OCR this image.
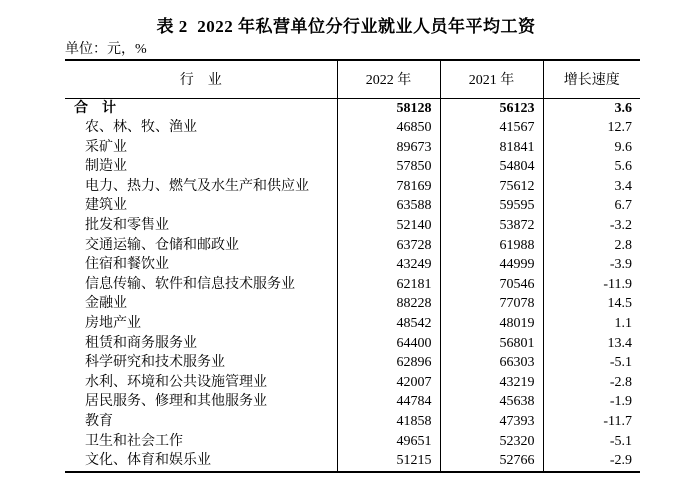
表 2  2022 年私营单位分行业就业人员年平均工资
单位：元，%
行　业	2022 年	2021 年	增长速度
合　计	58128	56123	3.6
农、林、牧、渔业	46850	41567	12.7
采矿业	89673	81841	9.6
制造业	57850	54804	5.6
电力、热力、燃气及水生产和供应业	78169	75612	3.4
建筑业	63588	59595	6.7
批发和零售业	52140	53872	-3.2
交通运输、仓储和邮政业	63728	61988	2.8
住宿和餐饮业	43249	44999	-3.9
信息传输、软件和信息技术服务业	62181	70546	-11.9
金融业	88228	77078	14.5
房地产业	48542	48019	1.1
租赁和商务服务业	64400	56801	13.4
科学研究和技术服务业	62896	66303	-5.1
水利、环境和公共设施管理业	42007	43219	-2.8
居民服务、修理和其他服务业	44784	45638	-1.9
教育	41858	47393	-11.7
卫生和社会工作	49651	52320	-5.1
文化、体育和娱乐业	51215	52766	-2.9
